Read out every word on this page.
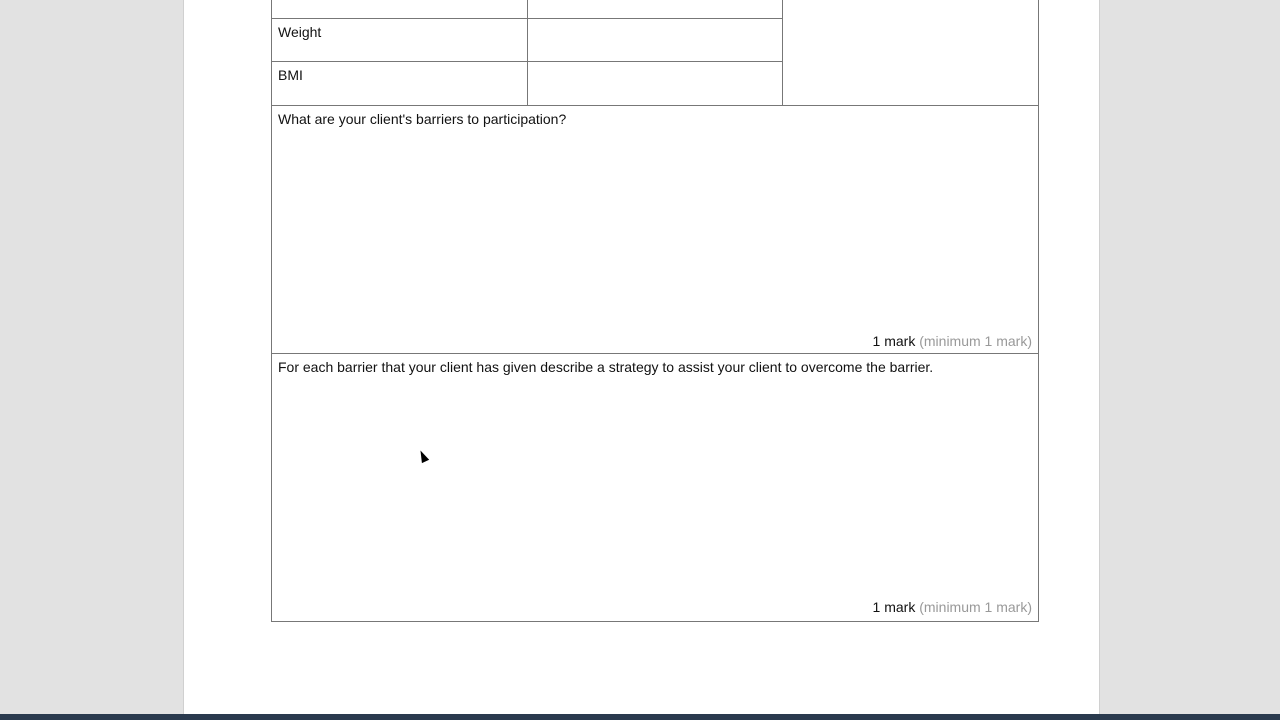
Weight
BMI
What are your client's barriers to participation?
1 mark (minimum 1 mark)
For each barrier that your client has given describe a strategy to assist your client to overcome the barrier.
1 mark (minimum 1 mark)
